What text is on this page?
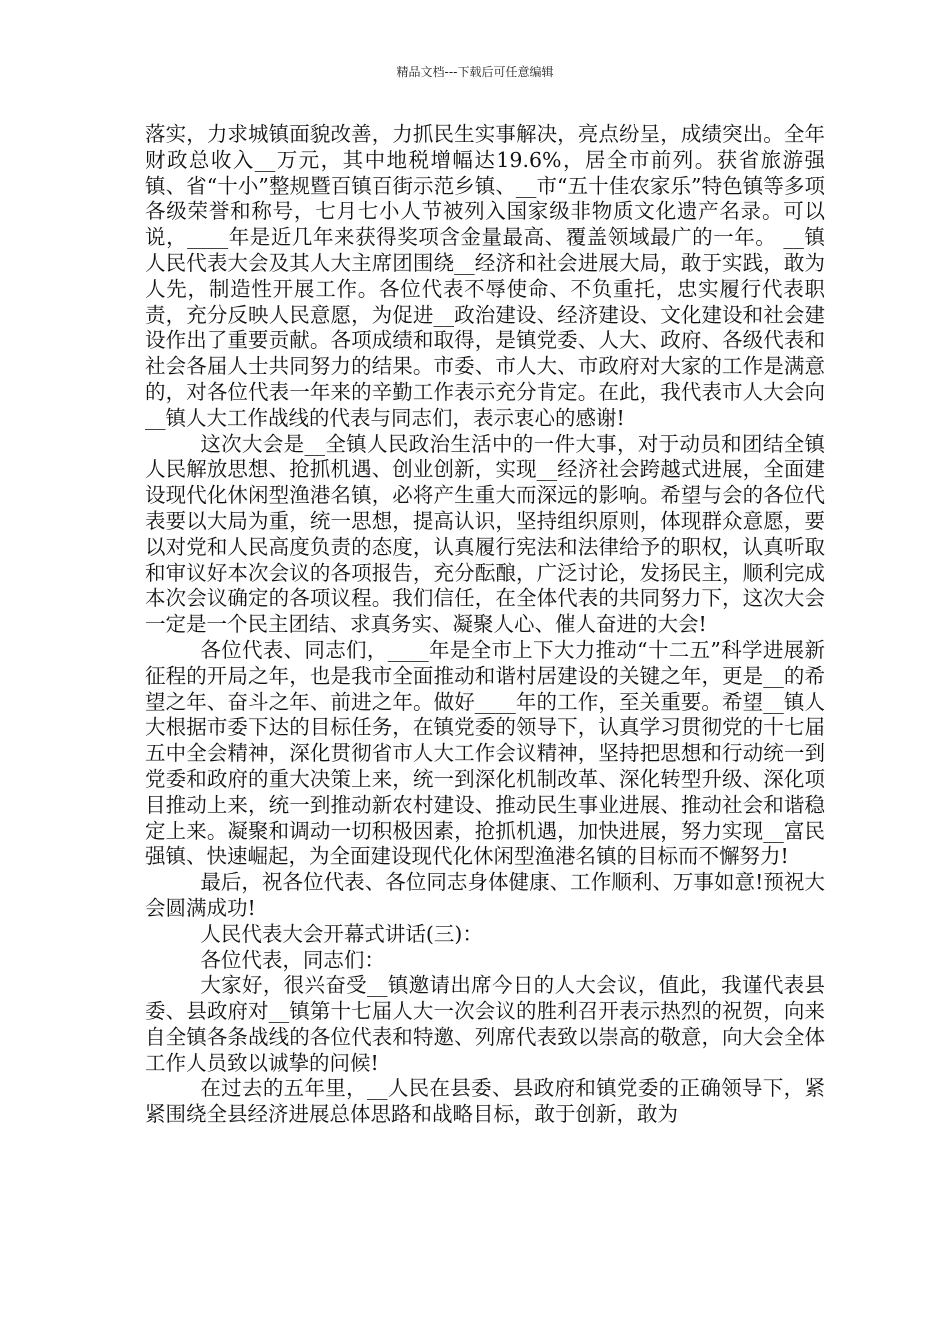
精品文档---下载后可任意编辑

落实，力求城镇面貌改善，力抓民生实事解决，亮点纷呈，成绩突出。全年财政总收入__万元，其中地税增幅达19.6%，居全市前列。获省旅游强镇、省“十小”整规暨百镇百街示范乡镇、__市“五十佳农家乐”特色镇等多项各级荣誉和称号，七月七小人节被列入国家级非物质文化遗产名录。可以说，____年是近几年来获得奖项含金量最高、覆盖领域最广的一年。 __镇人民代表大会及其人大主席团围绕__经济和社会进展大局，敢于实践，敢为人先，制造性开展工作。各位代表不辱使命、不负重托，忠实履行代表职责，充分反映人民意愿，为促进__政治建设、经济建设、文化建设和社会建设作出了重要贡献。各项成绩和取得，是镇党委、人大、政府、各级代表和社会各届人士共同努力的结果。市委、市人大、市政府对大家的工作是满意的，对各位代表一年来的辛勤工作表示充分肯定。在此，我代表市人大会向__镇人大工作战线的代表与同志们，表示衷心的感谢!

这次大会是__全镇人民政治生活中的一件大事，对于动员和团结全镇人民解放思想、抢抓机遇、创业创新，实现__经济社会跨越式进展，全面建设现代化休闲型渔港名镇，必将产生重大而深远的影响。希望与会的各位代表要以大局为重，统一思想，提高认识，坚持组织原则，体现群众意愿，要以对党和人民高度负责的态度，认真履行宪法和法律给予的职权，认真听取和审议好本次会议的各项报告，充分酝酿，广泛讨论，发扬民主，顺利完成本次会议确定的各项议程。我们信任，在全体代表的共同努力下，这次大会一定是一个民主团结、求真务实、凝聚人心、催人奋进的大会!

各位代表、同志们，____年是全市上下大力推动“十二五”科学进展新征程的开局之年，也是我市全面推动和谐村居建设的关键之年，更是__的希望之年、奋斗之年、前进之年。做好____年的工作，至关重要。希望__镇人大根据市委下达的目标任务，在镇党委的领导下，认真学习贯彻党的十七届五中全会精神，深化贯彻省市人大工作会议精神，坚持把思想和行动统一到党委和政府的重大决策上来，统一到深化机制改革、深化转型升级、深化项目推动上来，统一到推动新农村建设、推动民生事业进展、推动社会和谐稳定上来。凝聚和调动一切积极因素，抢抓机遇，加快进展，努力实现__富民强镇、快速崛起，为全面建设现代化休闲型渔港名镇的目标而不懈努力!

最后，祝各位代表、各位同志身体健康、工作顺利、万事如意!预祝大会圆满成功!

人民代表大会开幕式讲话(三)：

各位代表，同志们：

大家好，很兴奋受__镇邀请出席今日的人大会议，值此，我谨代表县委、县政府对__镇第十七届人大一次会议的胜利召开表示热烈的祝贺，向来自全镇各条战线的各位代表和特邀、列席代表致以崇高的敬意，向大会全体工作人员致以诚挚的问候!

在过去的五年里，__人民在县委、县政府和镇党委的正确领导下，紧紧围绕全县经济进展总体思路和战略目标，敢于创新，敢为
